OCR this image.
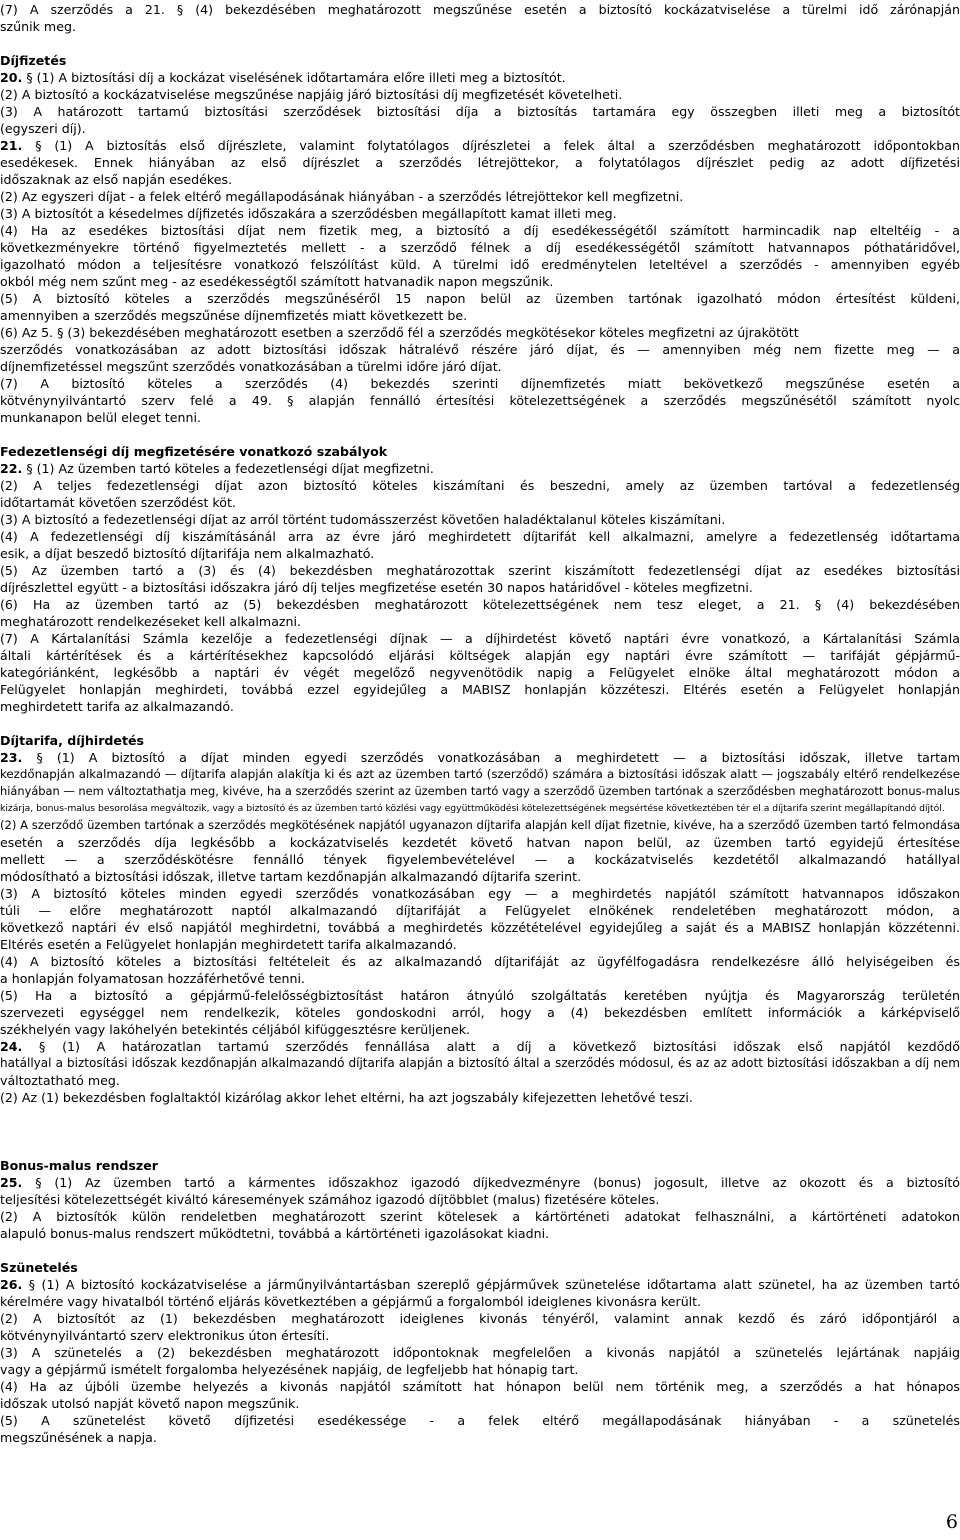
(7) A szerződés a 21. § (4) bekezdésében meghatározott megszűnése esetén a biztosító kockázatviselése a türelmi idő zárónapján
szűnik meg.
Díjfizetés
20. § (1) A biztosítási díj a kockázat viselésének időtartamára előre illeti meg a biztosítót.
(2) A biztosító a kockázatviselése megszűnése napjáig járó biztosítási díj megfizetését követelheti.
(3) A határozott tartamú biztosítási szerződések biztosítási díja a biztosítás tartamára egy összegben illeti meg a biztosítót
(egyszeri díj).
21. § (1) A biztosítás első díjrészlete, valamint folytatólagos díjrészletei a felek által a szerződésben meghatározott időpontokban
esedékesek. Ennek hiányában az első díjrészlet a szerződés létrejöttekor, a folytatólagos díjrészlet pedig az adott díjfizetési
időszaknak az első napján esedékes.
(2) Az egyszeri díjat - a felek eltérő megállapodásának hiányában - a szerződés létrejöttekor kell megfizetni.
(3) A biztosítót a késedelmes díjfizetés időszakára a szerződésben megállapított kamat illeti meg.
(4) Ha az esedékes biztosítási díjat nem fizetik meg, a biztosító a díj esedékességétől számított harmincadik nap elteltéig - a
következményekre történő figyelmeztetés mellett - a szerződő félnek a díj esedékességétől számított hatvannapos póthatáridővel,
igazolható módon a teljesítésre vonatkozó felszólítást küld. A türelmi idő eredménytelen leteltével a szerződés - amennyiben egyéb
okból még nem szűnt meg - az esedékességtől számított hatvanadik napon megszűnik.
(5) A biztosító köteles a szerződés megszűnéséről 15 napon belül az üzemben tartónak igazolható módon értesítést küldeni,
amennyiben a szerződés megszűnése díjnemfizetés miatt következett be.
(6) Az 5. § (3) bekezdésében meghatározott esetben a szerződő fél a szerződés megkötésekor köteles megfizetni az újrakötött
szerződés vonatkozásában az adott biztosítási időszak hátralévő részére járó díjat, és — amennyiben még nem fizette meg — a
díjnemfizetéssel megszűnt szerződés vonatkozásában a türelmi időre járó díjat.
(7) A biztosító köteles a szerződés (4) bekezdés szerinti díjnemfizetés miatt bekövetkező megszűnése esetén a
kötvénynyilvántartó szerv felé a 49. § alapján fennálló értesítési kötelezettségének a szerződés megszűnésétől számított nyolc
munkanapon belül eleget tenni.
Fedezetlenségi díj megfizetésére vonatkozó szabályok
22. § (1) Az üzemben tartó köteles a fedezetlenségi díjat megfizetni.
(2) A teljes fedezetlenségi díjat azon biztosító köteles kiszámítani és beszedni, amely az üzemben tartóval a fedezetlenség
időtartamát követően szerződést köt.
(3) A biztosító a fedezetlenségi díjat az arról történt tudomásszerzést követően haladéktalanul köteles kiszámítani.
(4) A fedezetlenségi díj kiszámításánál arra az évre járó meghirdetett díjtarifát kell alkalmazni, amelyre a fedezetlenség időtartama
esik, a díjat beszedő biztosító díjtarifája nem alkalmazható.
(5) Az üzemben tartó a (3) és (4) bekezdésben meghatározottak szerint kiszámított fedezetlenségi díjat az esedékes biztosítási
díjrészlettel együtt - a biztosítási időszakra járó díj teljes megfizetése esetén 30 napos határidővel - köteles megfizetni.
(6) Ha az üzemben tartó az (5) bekezdésben meghatározott kötelezettségének nem tesz eleget, a 21. § (4) bekezdésében
meghatározott rendelkezéseket kell alkalmazni.
(7) A Kártalanítási Számla kezelője a fedezetlenségi díjnak — a díjhirdetést követő naptári évre vonatkozó, a Kártalanítási Számla
általi kártérítések és a kártérítésekhez kapcsolódó eljárási költségek alapján egy naptári évre számított — tarifáját gépjármű-
kategóriánként, legkésőbb a naptári év végét megelőző negyvenötödik napig a Felügyelet elnöke által meghatározott módon a
Felügyelet honlapján meghirdeti, továbbá ezzel egyidejűleg a MABISZ honlapján közzéteszi. Eltérés esetén a Felügyelet honlapján
meghirdetett tarifa az alkalmazandó.
Díjtarifa, díjhirdetés
23. § (1) A biztosító a díjat minden egyedi szerződés vonatkozásában a meghirdetett — a biztosítási időszak, illetve tartam
kezdőnapján alkalmazandó — díjtarifa alapján alakítja ki és azt az üzemben tartó (szerződő) számára a biztosítási időszak alatt — jogszabály eltérő rendelkezése
hiányában — nem változtathatja meg, kivéve, ha a szerződés szerint az üzemben tartó vagy a szerződő üzemben tartónak a szerződésben meghatározott bonus-malus
kizárja, bonus-malus besorolása megváltozik, vagy a biztosító és az üzemben tartó közlési vagy együttműködési kötelezettségének megsértése következtében tér el a díjtarifa szerint megállapítandó díjtól.
(2) A szerződő üzemben tartónak a szerződés megkötésének napjától ugyanazon díjtarifa alapján kell díjat fizetnie, kivéve, ha a szerződő üzemben tartó felmondása
esetén a szerződés díja legkésőbb a kockázatviselés kezdetét követő hatvan napon belül, az üzemben tartó egyidejű értesítése
mellett — a szerződéskötésre fennálló tények figyelembevételével — a kockázatviselés kezdetétől alkalmazandó hatállyal
módosítható a biztosítási időszak, illetve tartam kezdőnapján alkalmazandó díjtarifa szerint.
(3) A biztosító köteles minden egyedi szerződés vonatkozásában egy — a meghirdetés napjától számított hatvannapos időszakon
túli — előre meghatározott naptól alkalmazandó díjtarifáját a Felügyelet elnökének rendeletében meghatározott módon, a
következő naptári év első napjától meghirdetni, továbbá a meghirdetés közzétételével egyidejűleg a saját és a MABISZ honlapján közzétenni.
Eltérés esetén a Felügyelet honlapján meghirdetett tarifa alkalmazandó.
(4) A biztosító köteles a biztosítási feltételeit és az alkalmazandó díjtarifáját az ügyfélfogadásra rendelkezésre álló helyiségeiben és
a honlapján folyamatosan hozzáférhetővé tenni.
(5) Ha a biztosító a gépjármű-felelősségbiztosítást határon átnyúló szolgáltatás keretében nyújtja és Magyarország területén
szervezeti egységgel nem rendelkezik, köteles gondoskodni arról, hogy a (4) bekezdésben említett információk a kárképviselő
székhelyén vagy lakóhelyén betekintés céljából kifüggesztésre kerüljenek.
24. § (1) A határozatlan tartamú szerződés fennállása alatt a díj a következő biztosítási időszak első napjától kezdődő
hatállyal a biztosítási időszak kezdőnapján alkalmazandó díjtarifa alapján a biztosító által a szerződés módosul, és az az adott biztosítási időszakban a díj nem
változtatható meg.
(2) Az (1) bekezdésben foglaltaktól kizárólag akkor lehet eltérni, ha azt jogszabály kifejezetten lehetővé teszi.
Bonus-malus rendszer
25. § (1) Az üzemben tartó a kármentes időszakhoz igazodó díjkedvezményre (bonus) jogosult, illetve az okozott és a biztosító
teljesítési kötelezettségét kiváltó káresemények számához igazodó díjtöbblet (malus) fizetésére köteles.
(2) A biztosítók külön rendeletben meghatározott szerint kötelesek a kártörténeti adatokat felhasználni, a kártörténeti adatokon
alapuló bonus-malus rendszert működtetni, továbbá a kártörténeti igazolásokat kiadni.
Szünetelés
26. § (1) A biztosító kockázatviselése a járműnyilvántartásban szereplő gépjárművek szünetelése időtartama alatt szünetel, ha az üzemben tartó
kérelmére vagy hivatalból történő eljárás következtében a gépjármű a forgalomból ideiglenes kivonásra került.
(2) A biztosítót az (1) bekezdésben meghatározott ideiglenes kivonás tényéről, valamint annak kezdő és záró időpontjáról a
kötvénynyilvántartó szerv elektronikus úton értesíti.
(3) A szünetelés a (2) bekezdésben meghatározott időpontoknak megfelelően a kivonás napjától a szünetelés lejártának napjáig
vagy a gépjármű ismételt forgalomba helyezésének napjáig, de legfeljebb hat hónapig tart.
(4) Ha az újbóli üzembe helyezés a kivonás napjától számított hat hónapon belül nem történik meg, a szerződés a hat hónapos
időszak utolsó napját követő napon megszűnik.
(5) A szünetelést követő díjfizetési esedékessége - a felek eltérő megállapodásának hiányában - a szünetelés
megszűnésének a napja.
6
